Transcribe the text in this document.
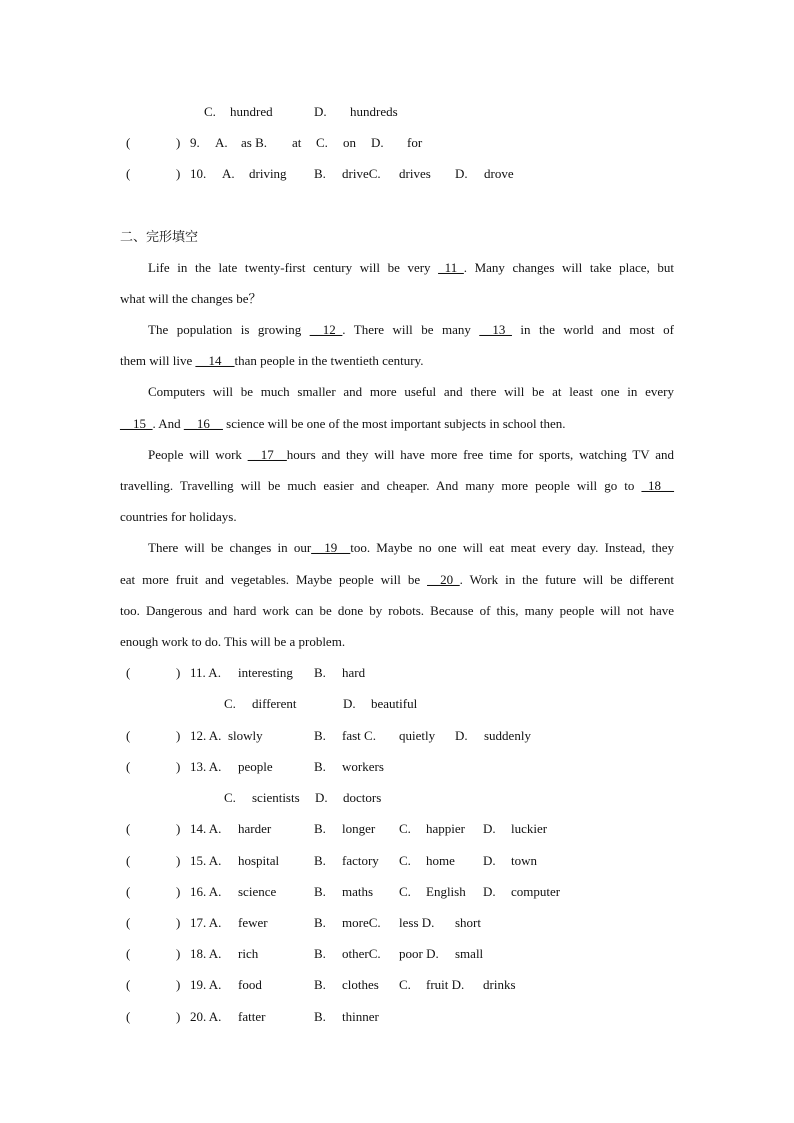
C. hundred	D. hundreds
(	) 9. A. as B. at C. on D. for
(	) 10. A. driving B. driveC. drives D. drove
二、完形填空
Life in the late twenty-first century will be very _11_. Many changes will take place, but
what will the changes be？
The population is growing __12_. There will be many __13_ in the world and most of
them will live __14__than people in the twentieth century.
Computers will be much smaller and more useful and there will be at least one in every
__15_. And __16__ science will be one of the most important subjects in school then.
People will work __17__hours and they will have more free time for sports, watching TV and
travelling. Travelling will be much easier and cheaper. And many more people will go to _18__
countries for holidays.
There will be changes in our__19__too. Maybe no one will eat meat every day. Instead, they
eat more fruit and vegetables. Maybe people will be __20_. Work in the future will be different
too. Dangerous and hard work can be done by robots. Because of this, many people will not have
enough work to do. This will be a problem.
(	) 11. A. interesting B. hard
C. different	D. beautiful
(	) 12. A. slowly	B. fast C. quietly D. suddenly
(	) 13. A. people	B. workers
C. scientists D. doctors
(	) 14. A. harder	B. longer C. happier D. luckier
(	) 15. A. hospital	B. factory C. home D. town
(	) 16. A. science	B. maths C. English D. computer
(	) 17. A. fewer	B. moreC. less D. short
(	) 18. A. rich	B. otherC. poor D. small
(	) 19. A. food	B. clothes C. fruit D. drinks
(	) 20. A. fatter	B. thinner
